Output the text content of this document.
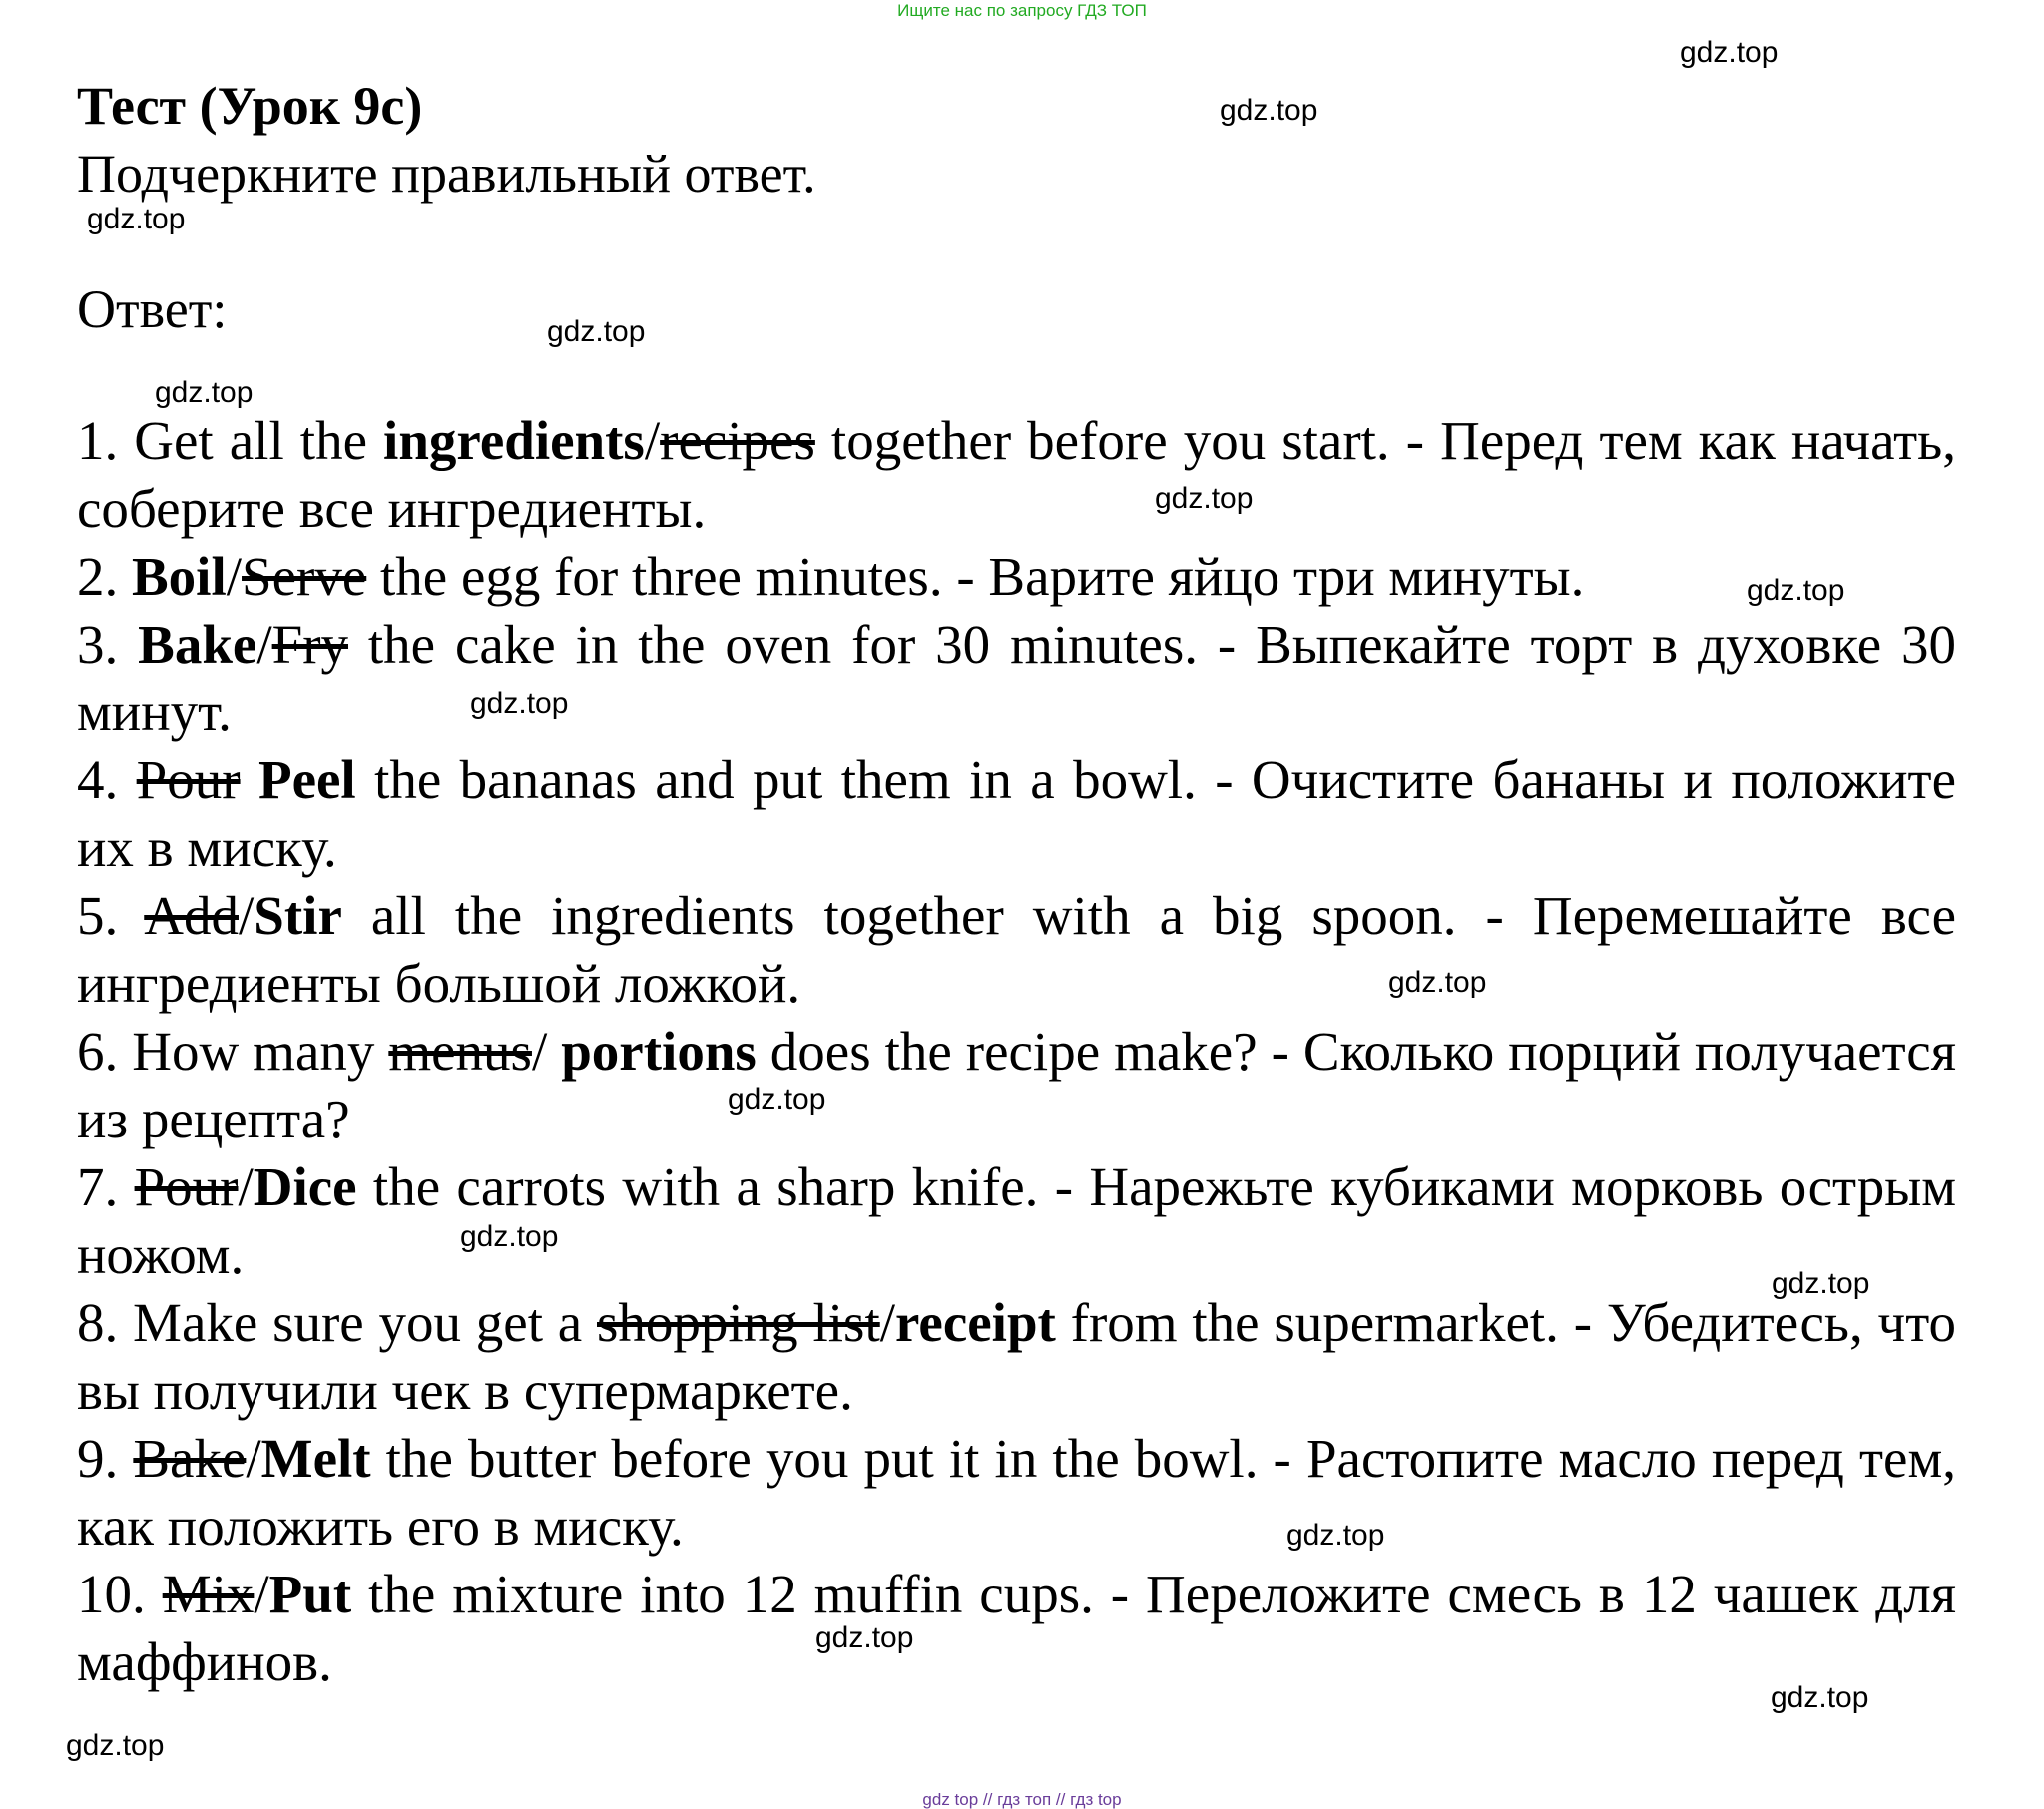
Ищите нас по запросу ГДЗ ТОП
Тест (Урок 9c)

Подчеркните правильный ответ.

Ответ:

1. Get all the ingredients/recipes together before you start. - Перед тем как начать, соберите все ингредиенты.
2. Boil/Serve the egg for three minutes. - Варите яйцо три минуты.
3. Bake/Fry the cake in the oven for 30 minutes. - Выпекайте торт в духовке 30 минут.
4. Pour Peel the bananas and put them in a bowl. - Очистите бананы и положите их в миску.
5. Add/Stir all the ingredients together with a big spoon. - Перемешайте все ингредиенты большой ложкой.
6. How many menus/ portions does the recipe make? - Сколько порций получается из рецепта?
7. Pour/Dice the carrots with a sharp knife. - Нарежьте кубиками морковь острым ножом.
8. Make sure you get a shopping list/receipt from the supermarket. - Убедитесь, что вы получили чек в супермаркете.
9. Bake/Melt the butter before you put it in the bowl. - Растопите масло перед тем, как положить его в миску.
10. Mix/Put the mixture into 12 muffin cups. - Переложите смесь в 12 чашек для маффинов.
gdz.top
gdz.top
gdz.top
gdz.top
gdz.top
gdz.top
gdz.top
gdz.top
gdz.top
gdz.top
gdz.top
gdz.top
gdz.top
gdz.top
gdz.top
gdz.top
gdz top // гдз топ // гдз top
